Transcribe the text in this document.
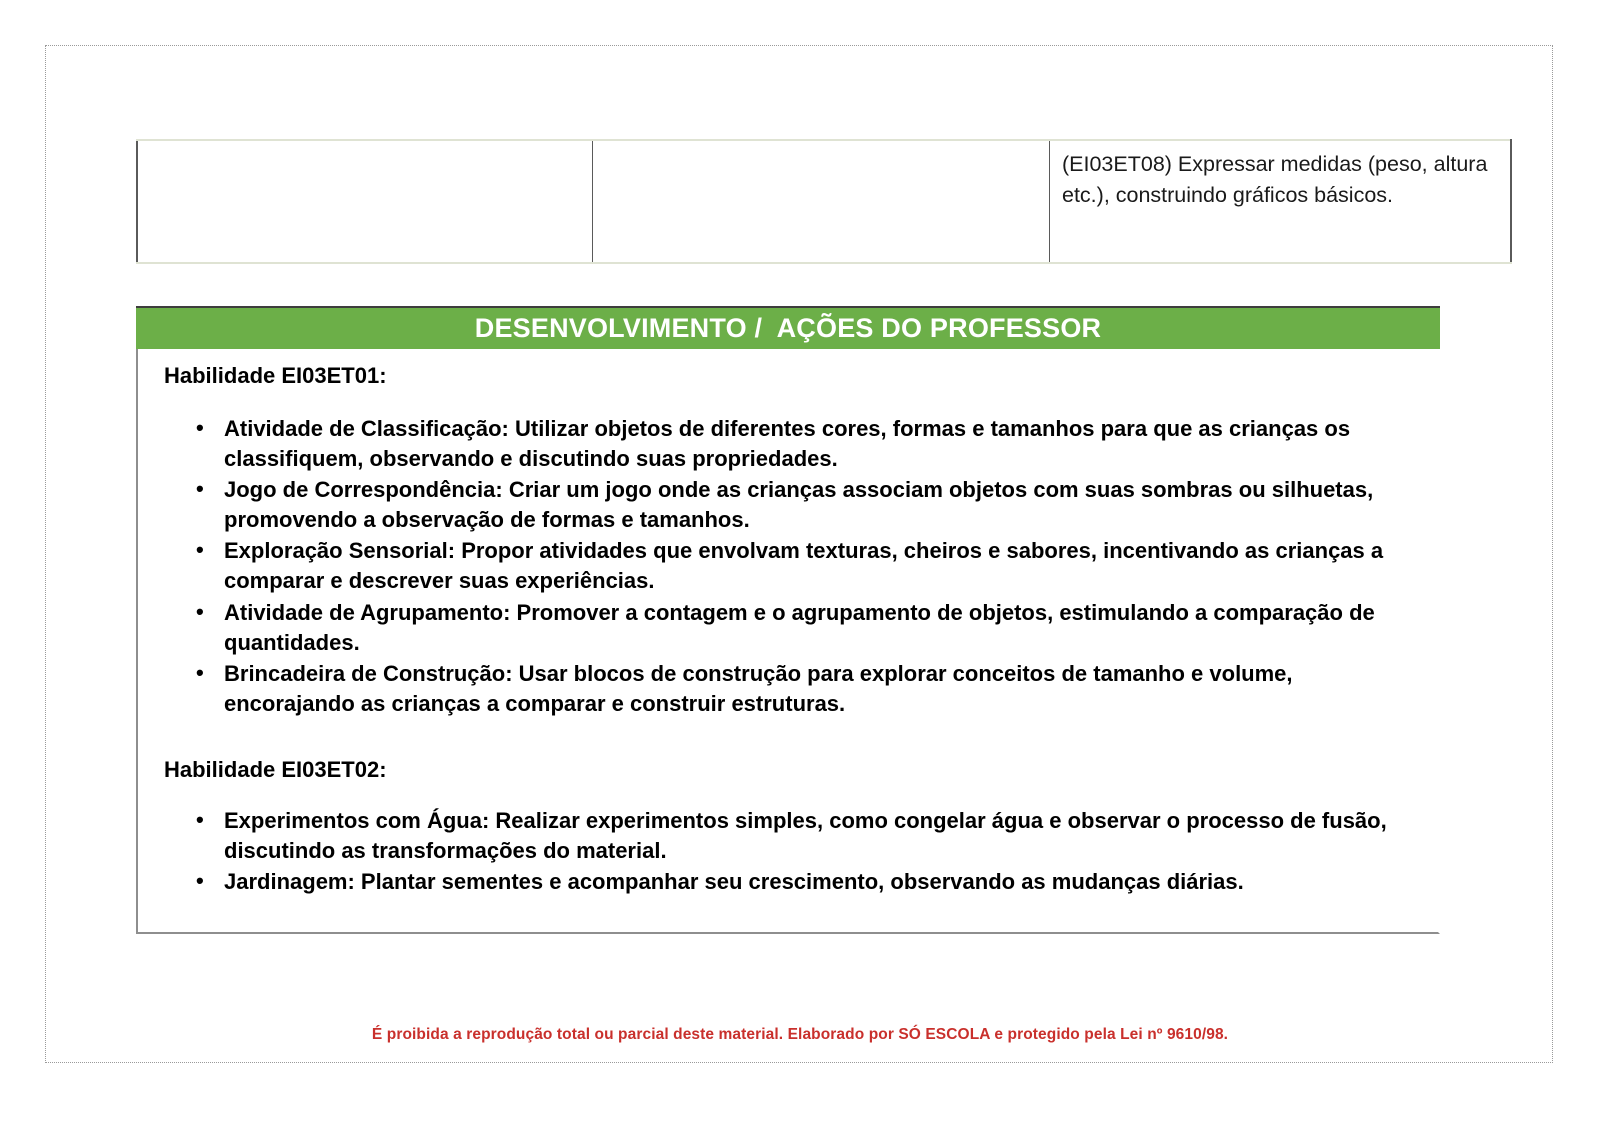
		(EI03ET08) Expressar medidas (peso, altura etc.), construindo gráficos básicos.
DESENVOLVIMENTO /  AÇÕES DO PROFESSOR
Habilidade EI03ET01:
• Atividade de Classificação: Utilizar objetos de diferentes cores, formas e tamanhos para que as crianças os classifiquem, observando e discutindo suas propriedades.
• Jogo de Correspondência: Criar um jogo onde as crianças associam objetos com suas sombras ou silhuetas, promovendo a observação de formas e tamanhos.
• Exploração Sensorial: Propor atividades que envolvam texturas, cheiros e sabores, incentivando as crianças a comparar e descrever suas experiências.
• Atividade de Agrupamento: Promover a contagem e o agrupamento de objetos, estimulando a comparação de quantidades.
• Brincadeira de Construção: Usar blocos de construção para explorar conceitos de tamanho e volume, encorajando as crianças a comparar e construir estruturas.
Habilidade EI03ET02:
• Experimentos com Água: Realizar experimentos simples, como congelar água e observar o processo de fusão, discutindo as transformações do material.
• Jardinagem: Plantar sementes e acompanhar seu crescimento, observando as mudanças diárias.
É proibida a reprodução total ou parcial deste material. Elaborado por SÓ ESCOLA e protegido pela Lei nº 9610/98.
